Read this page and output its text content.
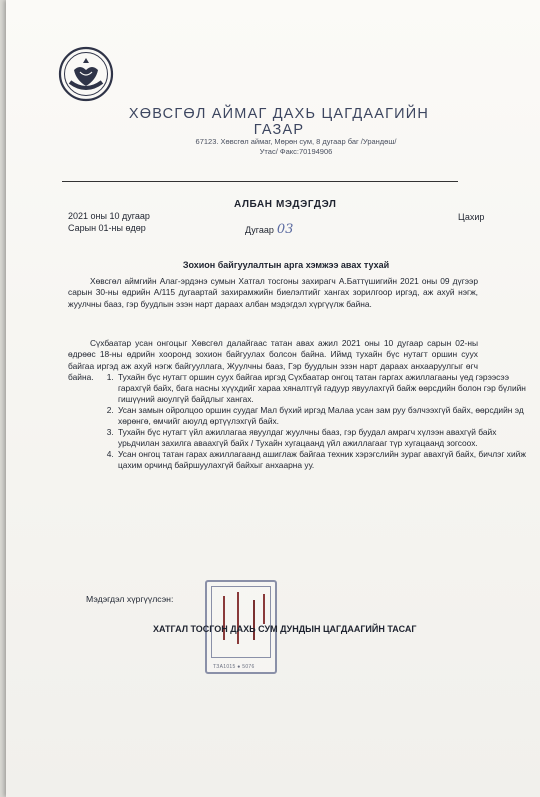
ХӨВСГӨЛ АЙМАГ ДАХЬ ЦАГДААГИЙН ГАЗАР
67123. Хөвсгөл аймаг, Мөрөн сум, 8 дугаар баг /Урандөш/
Утас/ Факс:70194906
АЛБАН МЭДЭГДЭЛ
2021 оны 10 дугаар
Сарын 01-ны өдөр
Цахир
Дугаар 03
Зохион байгуулалтын арга хэмжээ авах тухай
Хөвсгөл аймгийн Алаг-эрдэнэ сумын Хатгал тосгоны захирагч А.Баттүшигийн 2021 оны 09 дүгээр сарын 30-ны өдрийн А/115 дугаартай захирамжийн биелэлтийг хангах зорилгоор иргэд, аж ахуй нэгж, жуулчны бааз, гэр буудлын эзэн нарт дараах албан мэдэгдэл хүргүүлж байна.
Сүхбаатар усан онгоцыг Хөвсгөл далайгаас татан авах ажил 2021 оны 10 дугаар сарын 02-ны өдрөөс 18-ны өдрийн хооронд зохион байгуулах болсон байна. Иймд тухайн бүс нутагт оршин суух байгаа иргэд аж ахуй нэгж байгууллага, Жуулчны бааз, Гэр буудлын эзэн нарт дараах анхааруулгыг өгч байна.
1.	Тухайн бүс нутагт оршин суух байгаа иргэд Сүхбаатар онгоц татан гаргах ажиллагааны үед гэрээсээ гарахгүй байх, бага насны хүүхдийг хараа хяналтгүй гадуур явуулахгүй байж өөрсдийн болон гэр бүлийн гишүүний аюулгүй байдлыг хангах.
2. Усан замын ойролцоо оршин суудаг Мал бүхий иргэд Малаа усан зам руу бэлчээхгүй байх, өөрсдийн эд хөрөнгө, өмчийг аюулд өртүүлэхгүй байх.
3. Тухайн бүс нутагт үйл ажиллагаа явуулдаг жуулчны бааз, гэр буудал амрагч хүлээн авахгүй байх урьдчилан захилга аваахгүй байх / Тухайн хугацаанд үйл ажиллагааг түр хугацаанд зогсоох.
4. Усан онгоц татан гарах ажиллагаанд ашиглаж байгаа техник хэрэгслийн зураг авахгүй байх, бичлэг хийж цахим орчинд байршуулахгүй байхыг анхаарна уу.
ТЗА1015 ● 5076
Мэдэгдэл хүргүүлсэн:
ХАТГАЛ ТОСГОН ДАХЬ СУМ ДУНДЫН ЦАГДААГИЙН ТАСАГ
